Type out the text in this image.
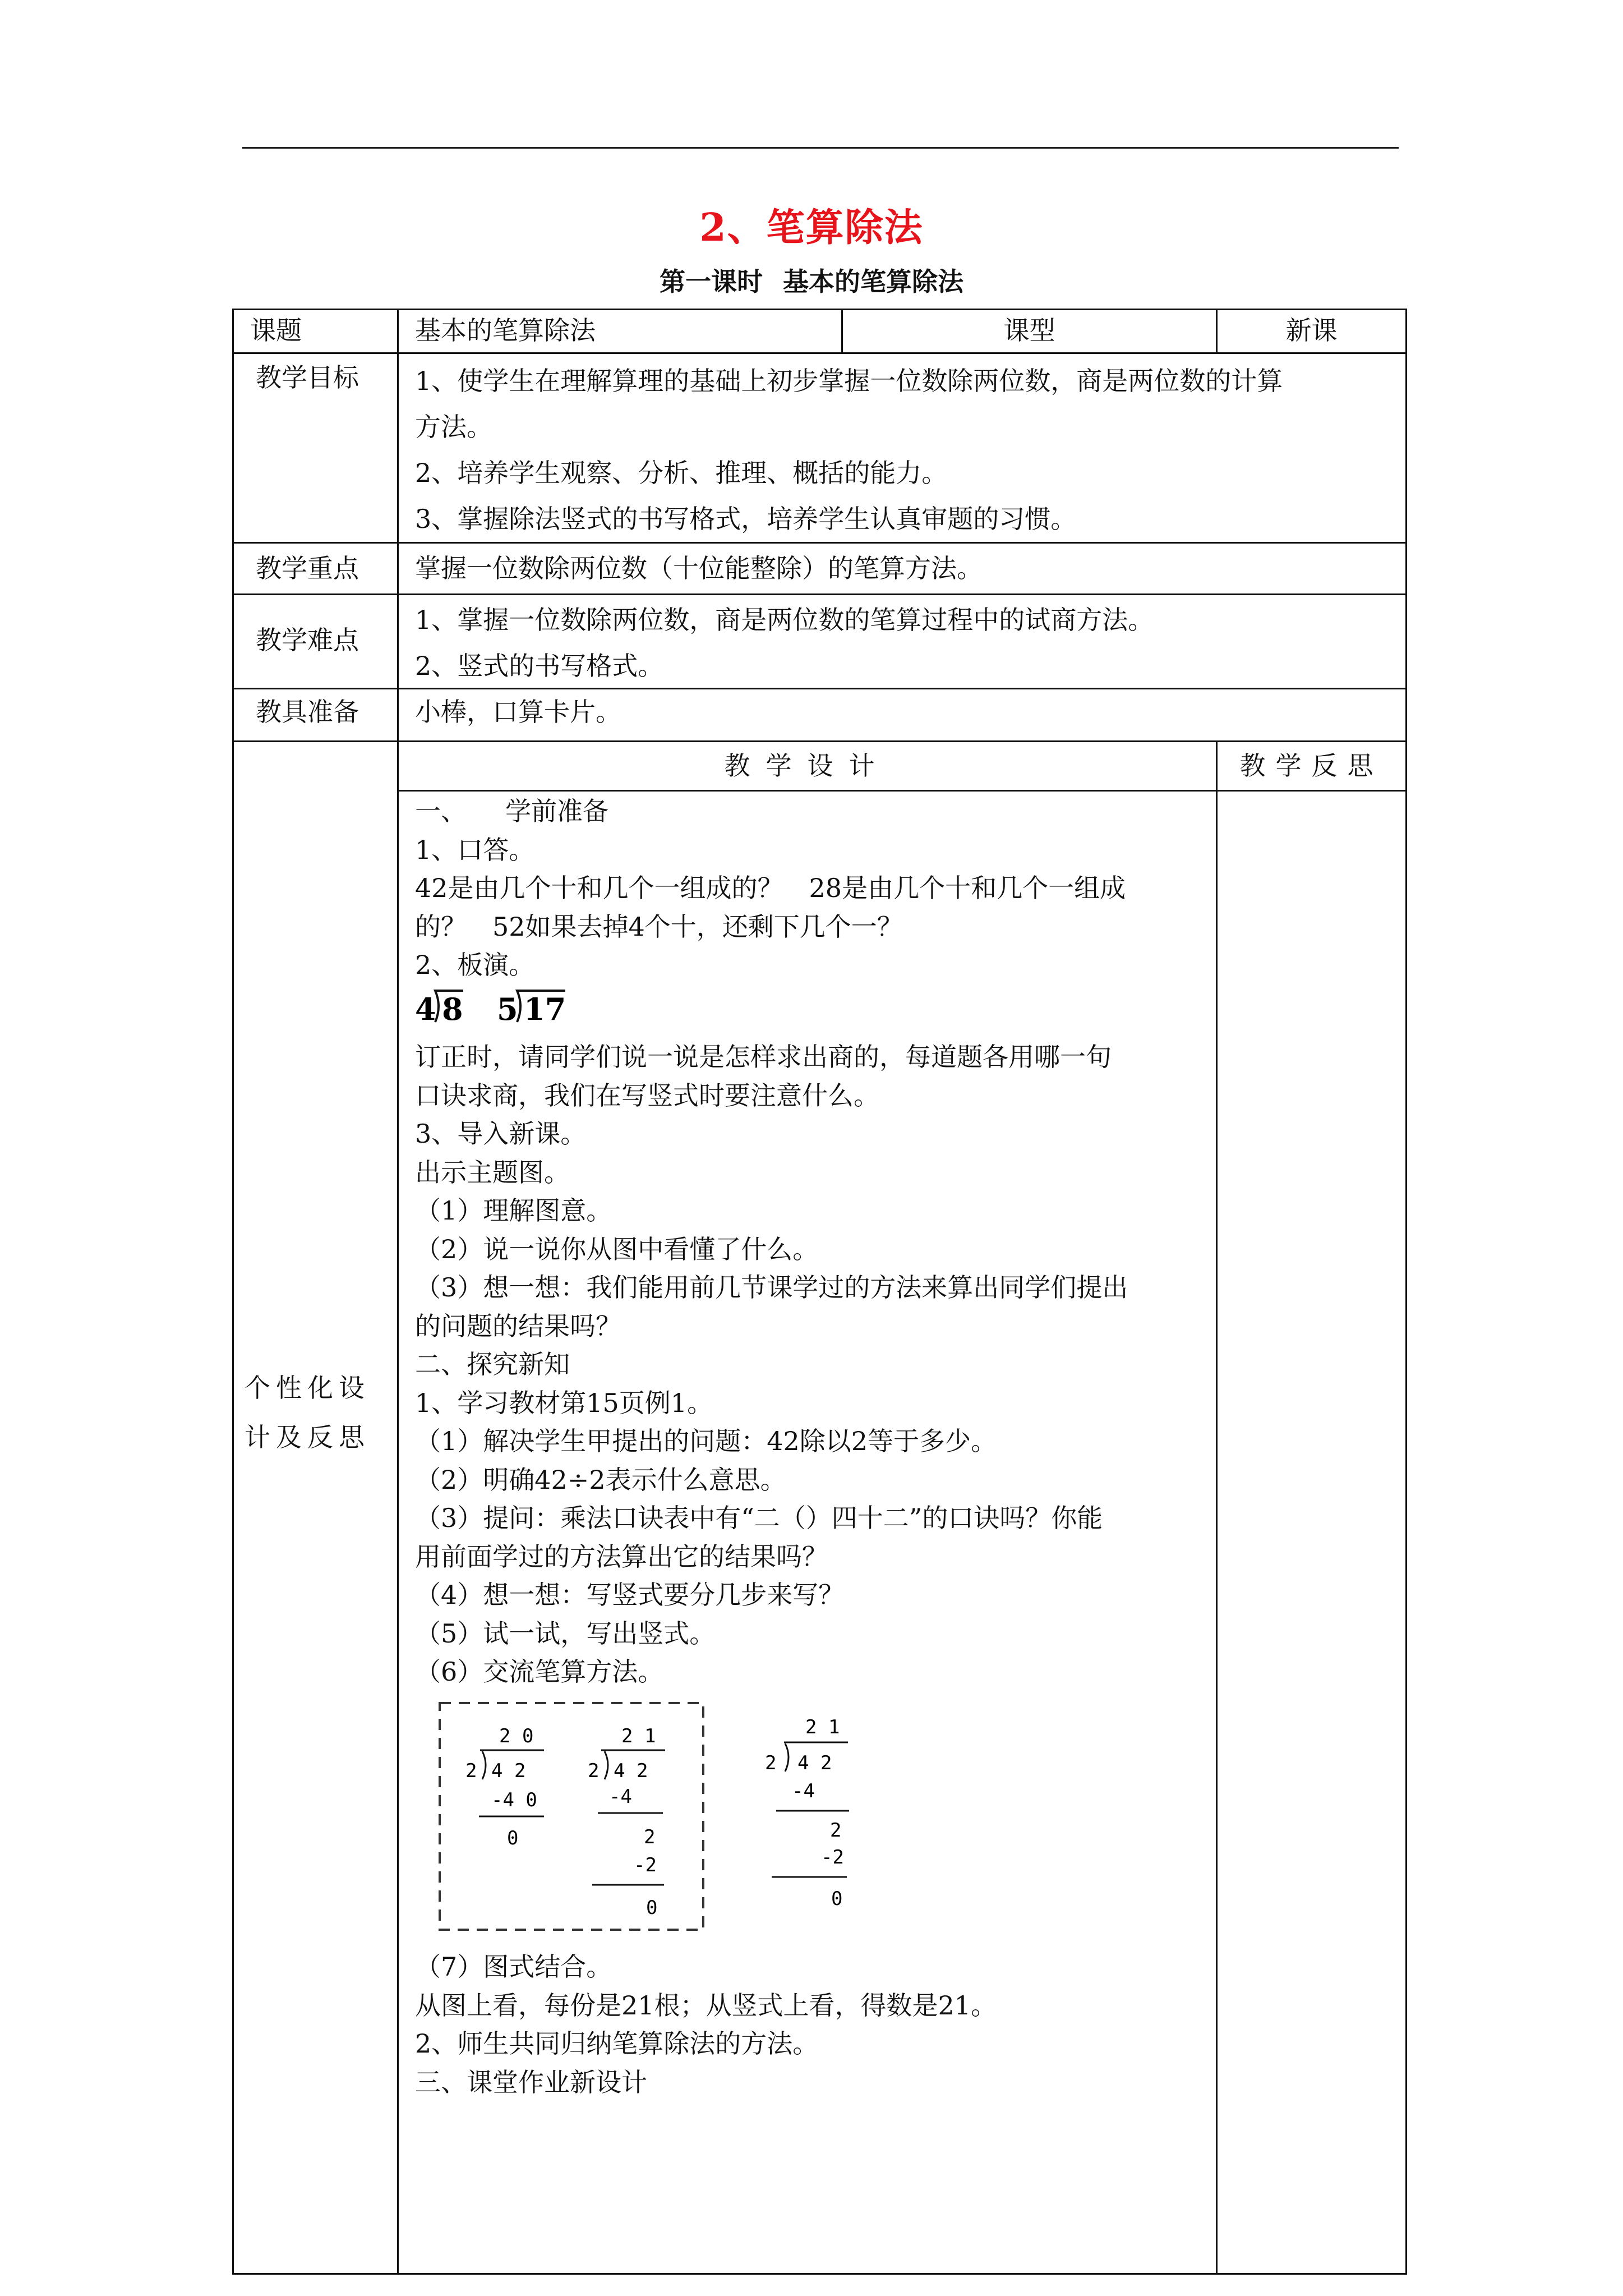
2、笔算除法
第一课时 基本的笔算除法
课题	基本的笔算除法	课型	新课
教学目标 1、使学生在理解算理的基础上初步掌握一位数除两位数，商是两位数的计算
方法。
2、培养学生观察、分析、推理、概括的能力。
3、掌握除法竖式的书写格式，培养学生认真审题的习惯。
教学重点 掌握一位数除两位数（十位能整除）的笔算方法。
教学难点
1、掌握一位数除两位数，商是两位数的笔算过程中的试商方法。
2、竖式的书写格式。
教具准备 小棒，口算卡片。
个性化设
计及反思
教学设计	教学反思
一、　　学前准备
1、口答。
42是由几个十和几个一组成的？　28是由几个十和几个一组成
的？　52如果去掉4个十，还剩下几个一？
2、板演。
4 8 5 17
订正时，请同学们说一说是怎样求出商的，每道题各用哪一句
口诀求商，我们在写竖式时要注意什么。
3、导入新课。
出示主题图。
（1）理解图意。
（2）说一说你从图中看懂了什么。
（3）想一想：我们能用前几节课学过的方法来算出同学们提出
的问题的结果吗？
二、探究新知
1、学习教材第15页例1。
（1）解决学生甲提出的问题：42除以2等于多少。
（2）明确42÷2表示什么意思。
（3）提问：乘法口诀表中有“二（）四十二”的口诀吗？你能
用前面学过的方法算出它的结果吗？
（4）想一想：写竖式要分几步来写？
（5）试一试，写出竖式。
（6）交流笔算方法。
2 0
2 4 2
-4 0
0
2 1
2 4 2
-4
2
-2
0
2 1
2 4 2
-4
2
-2
0
（7）图式结合。
从图上看，每份是21根；从竖式上看，得数是21。
2、师生共同归纳笔算除法的方法。
三、课堂作业新设计
